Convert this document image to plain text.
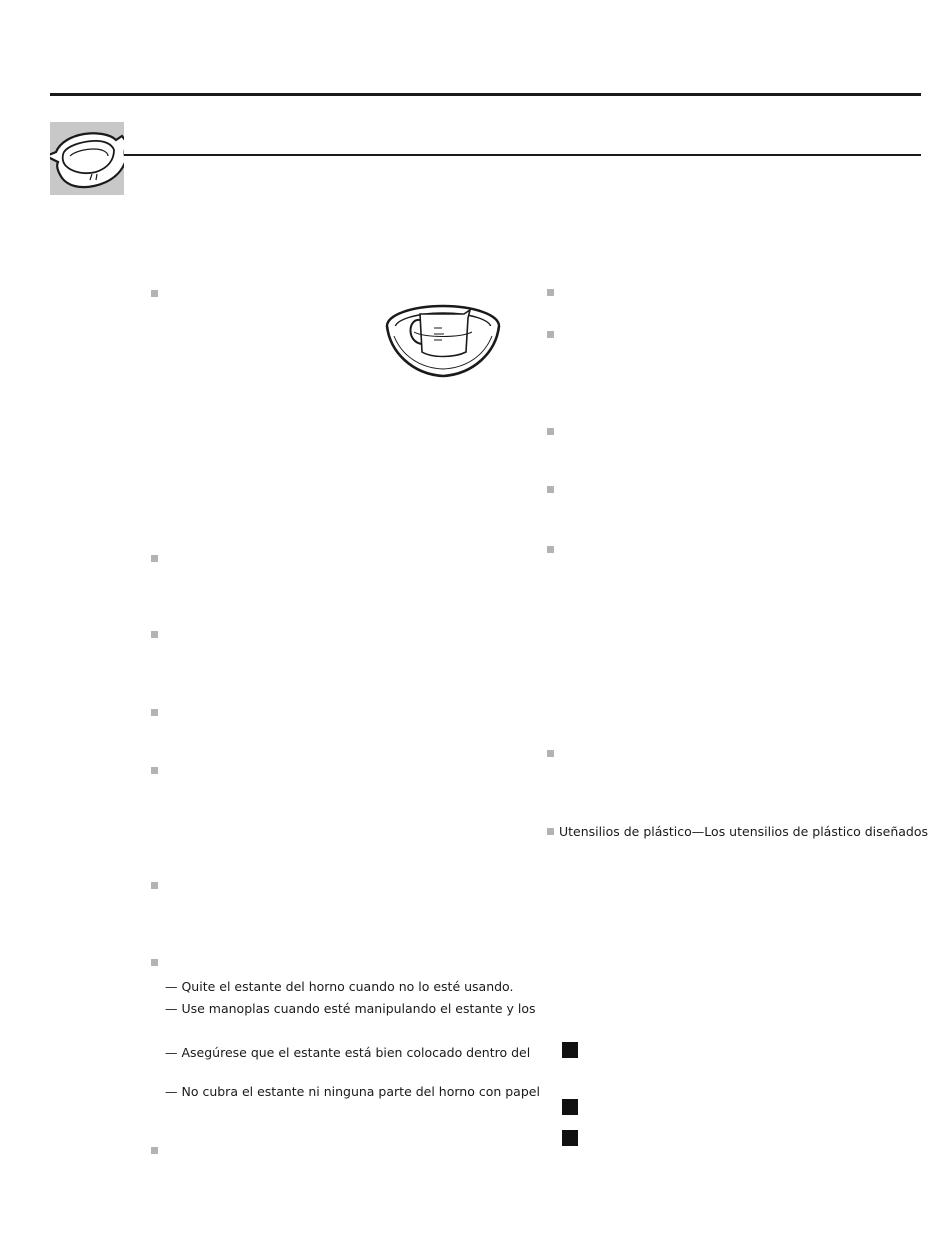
— Quite el estante del horno cuando no lo esté usando.
— Use manoplas cuando esté manipulando el estante y los
— Asegúrese que el estante está bien colocado dentro del
— No cubra el estante ni ninguna parte del horno con papel
Utensilios de plástico—Los utensilios de plástico diseñados
